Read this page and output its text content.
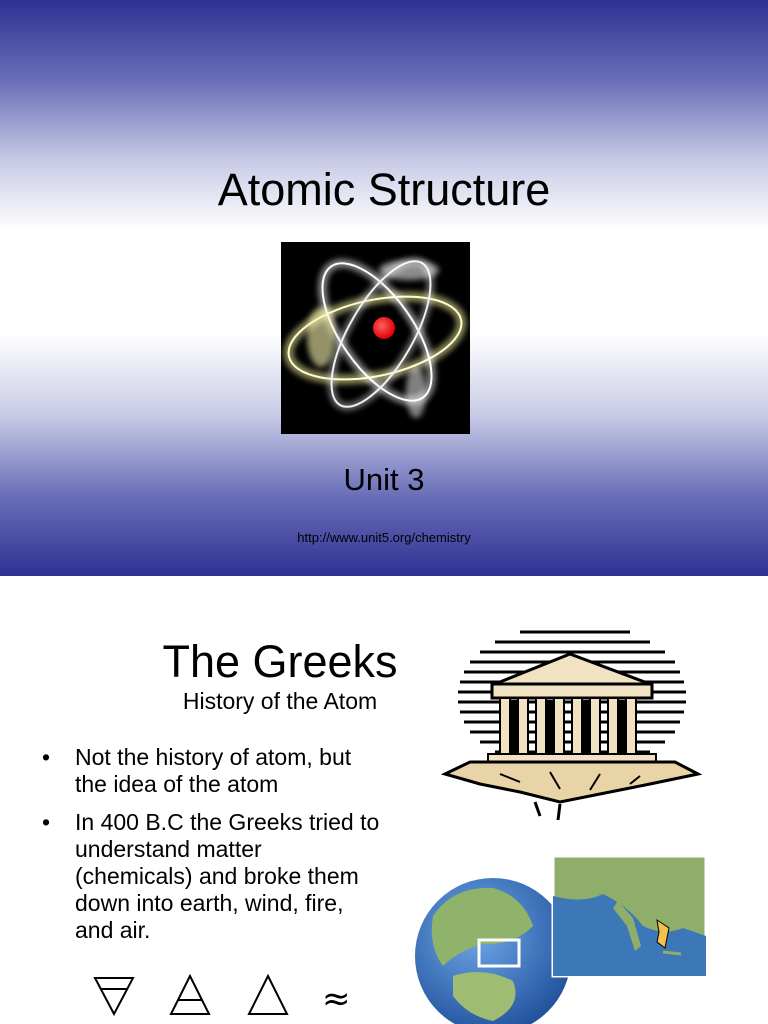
Atomic Structure
Unit 3
http://www.unit5.org/chemistry
The Greeks
History of the Atom
• Not the history of atom, but
the idea of the atom
• In 400 B.C the Greeks tried to
understand matter
(chemicals) and broke them
down into earth, wind, fire,
and air.
≈
